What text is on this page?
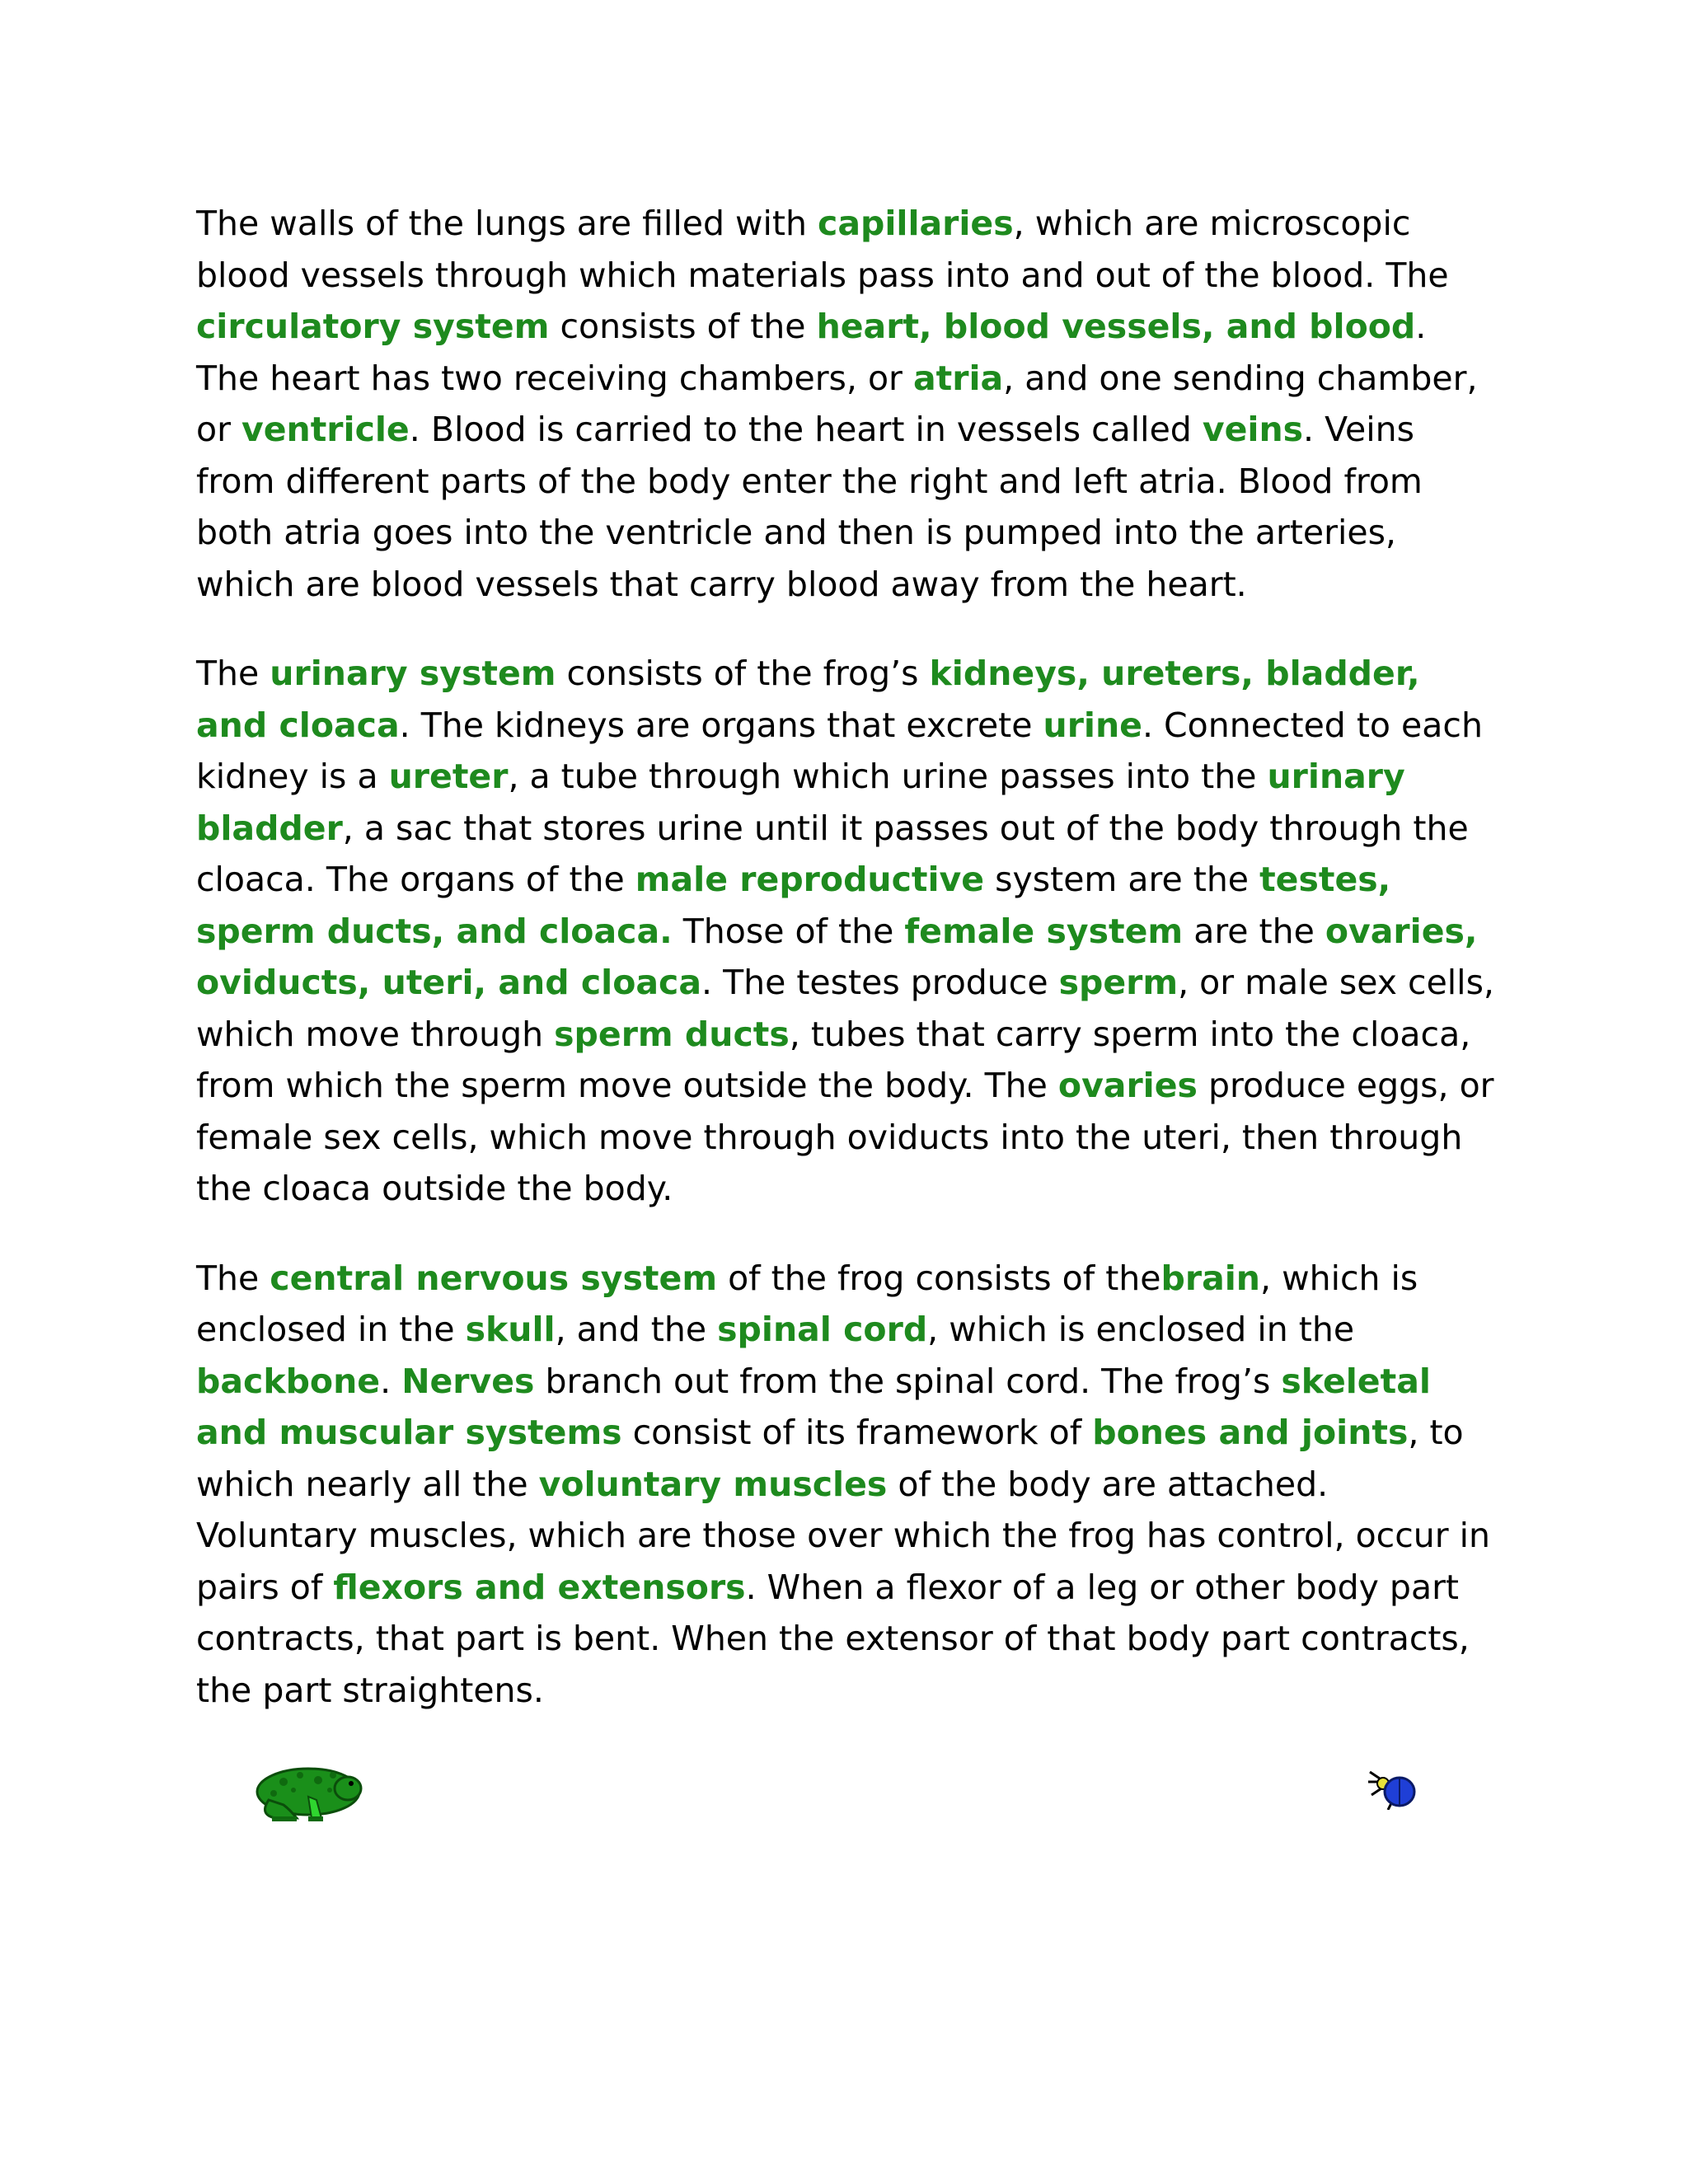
The walls of the lungs are filled with capillaries, which are microscopic blood vessels through which materials pass into and out of the blood. The circulatory system consists of the heart, blood vessels, and blood. The heart has two receiving chambers, or atria, and one sending chamber, or ventricle. Blood is carried to the heart in vessels called veins. Veins from different parts of the body enter the right and left atria. Blood from both atria goes into the ventricle and then is pumped into the arteries, which are blood vessels that carry blood away from the heart.

The urinary system consists of the frog’s kidneys, ureters, bladder, and cloaca. The kidneys are organs that excrete urine. Connected to each kidney is a ureter, a tube through which urine passes into the urinary bladder, a sac that stores urine until it passes out of the body through the cloaca. The organs of the male reproductive system are the testes, sperm ducts, and cloaca. Those of the female system are the ovaries, oviducts, uteri, and cloaca. The testes produce sperm, or male sex cells, which move through sperm ducts, tubes that carry sperm into the cloaca, from which the sperm move outside the body. The ovaries produce eggs, or female sex cells, which move through oviducts into the uteri, then through the cloaca outside the body.

The central nervous system of the frog consists of thebrain, which is enclosed in the skull, and the spinal cord, which is enclosed in the backbone. Nerves branch out from the spinal cord. The frog’s skeletal and muscular systems consist of its framework of bones and joints, to which nearly all the voluntary muscles of the body are attached. Voluntary muscles, which are those over which the frog has control, occur in pairs of flexors and extensors. When a flexor of a leg or other body part contracts, that part is bent. When the extensor of that body part contracts, the part straightens.
